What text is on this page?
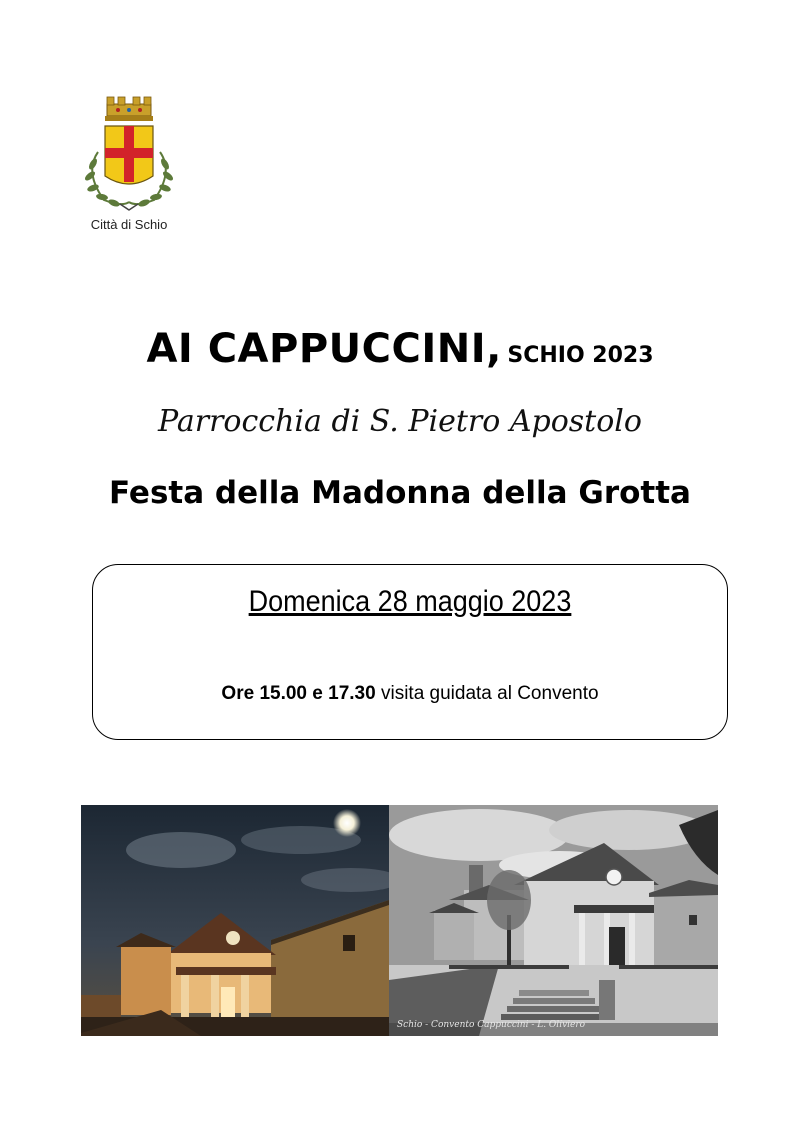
Città di Schio
AI CAPPUCCINI, SCHIO 2023
Parrocchia di S. Pietro Apostolo
Festa della Madonna della Grotta
Domenica 28 maggio 2023
Ore 15.00 e 17.30 visita guidata al Convento
Schio - Convento Cappuccini - L. Oliviero
